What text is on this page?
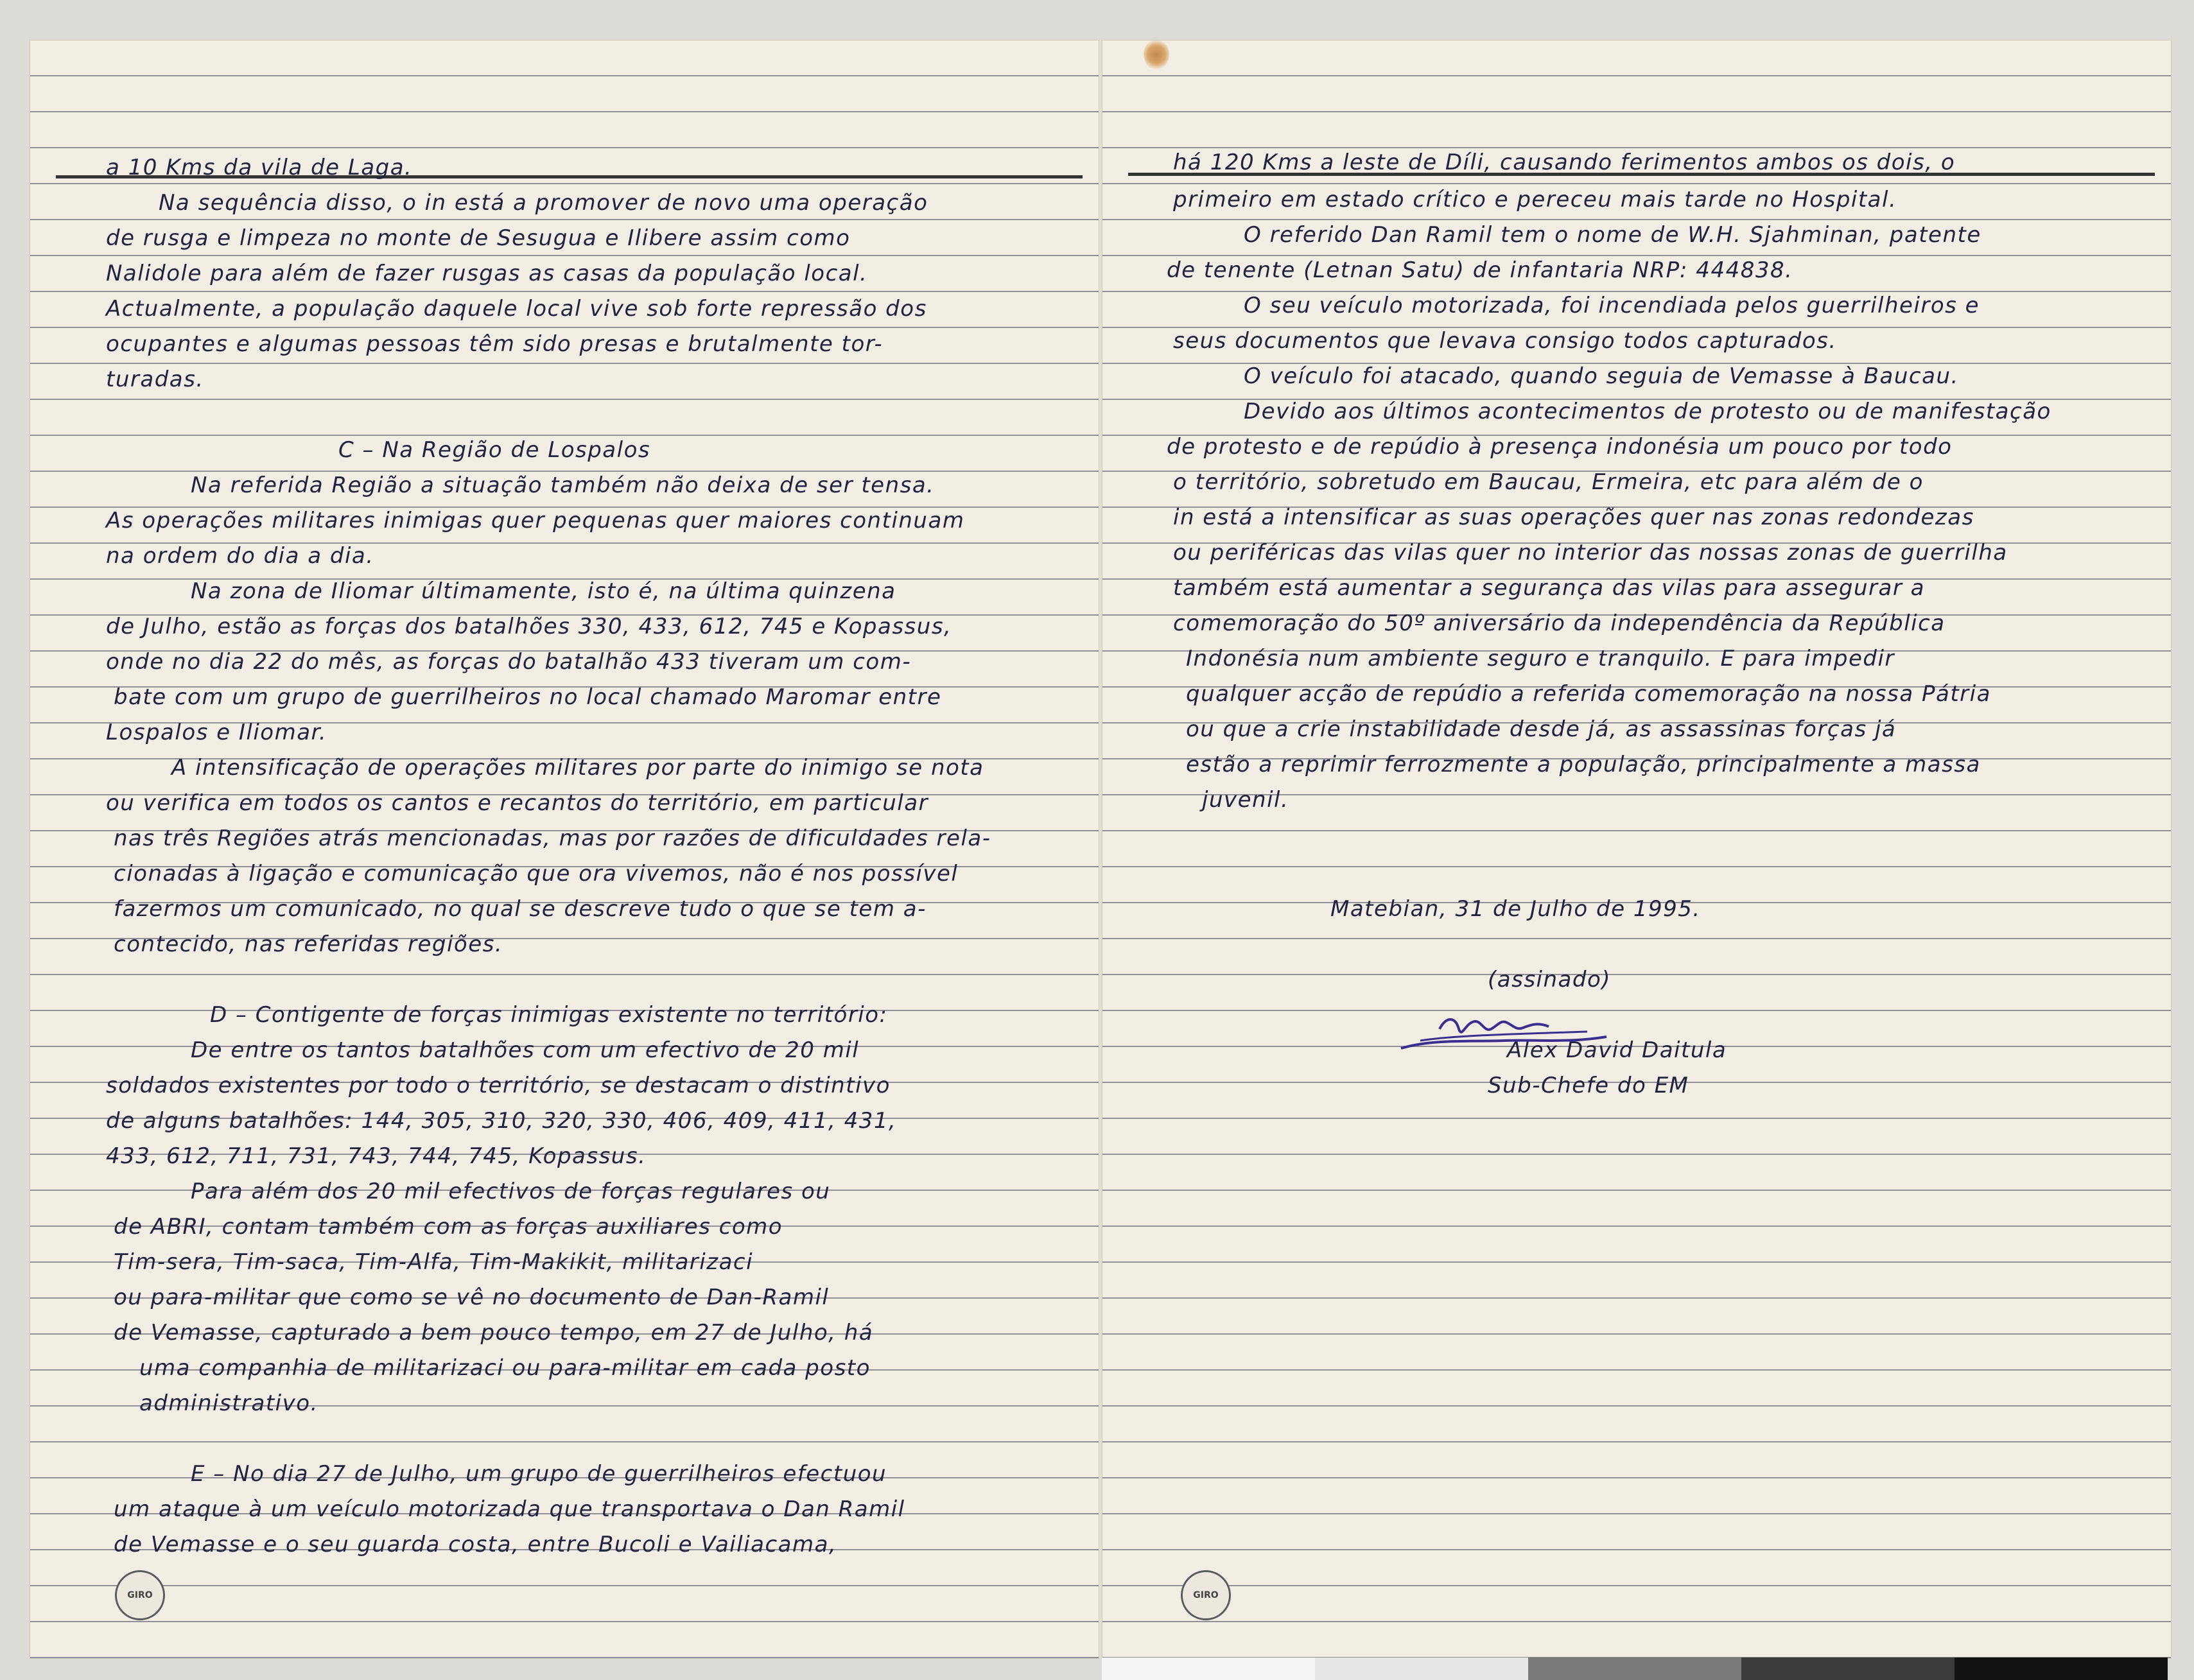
a 10 Kms da vila de Laga.
Na sequência disso, o in está a promover de novo uma operação
de rusga e limpeza no monte de Sesugua e Ilibere assim como
Nalidole para além de fazer rusgas as casas da população local.
Actualmente, a população daquele local vive sob forte repressão dos
ocupantes e algumas pessoas têm sido presas e brutalmente tor-
turadas.
C – Na Região de Lospalos
Na referida Região a situação também não deixa de ser tensa.
As operações militares inimigas quer pequenas quer maiores continuam
na ordem do dia a dia.
Na zona de Iliomar últimamente, isto é, na última quinzena
de Julho, estão as forças dos batalhões 330, 433, 612, 745 e Kopassus,
onde no dia 22 do mês, as forças do batalhão 433 tiveram um com-
bate com um grupo de guerrilheiros no local chamado Maromar entre
Lospalos e Iliomar.
A intensificação de operações militares por parte do inimigo se nota
ou verifica em todos os cantos e recantos do território, em particular
nas três Regiões atrás mencionadas, mas por razões de dificuldades rela-
cionadas à ligação e comunicação que ora vivemos, não é nos possível
fazermos um comunicado, no qual se descreve tudo o que se tem a-
contecido, nas referidas regiões.
D – Contigente de forças inimigas existente no território:
De entre os tantos batalhões com um efectivo de 20 mil
soldados existentes por todo o território, se destacam o distintivo
de alguns batalhões: 144, 305, 310, 320, 330, 406, 409, 411, 431,
433, 612, 711, 731, 743, 744, 745, Kopassus.
Para além dos 20 mil efectivos de forças regulares ou
de ABRI, contam também com as forças auxiliares como
Tim-sera, Tim-saca, Tim-Alfa, Tim-Makikit, militarizaci
ou para-militar que como se vê no documento de Dan-Ramil
de Vemasse, capturado a bem pouco tempo, em 27 de Julho, há
uma companhia de militarizaci ou para-militar em cada posto
administrativo.
E – No dia 27 de Julho, um grupo de guerrilheiros efectuou
um ataque à um veículo motorizada que transportava o Dan Ramil
de Vemasse e o seu guarda costa, entre Bucoli e Vailiacama,
GIRO
há 120 Kms a leste de Díli, causando ferimentos ambos os dois, o
primeiro em estado crítico e pereceu mais tarde no Hospital.
O referido Dan Ramil tem o nome de W.H. Sjahminan, patente
de tenente (Letnan Satu) de infantaria NRP: 444838.
O seu veículo motorizada, foi incendiada pelos guerrilheiros e
seus documentos que levava consigo todos capturados.
O veículo foi atacado, quando seguia de Vemasse à Baucau.
Devido aos últimos acontecimentos de protesto ou de manifestação
de protesto e de repúdio à presença indonésia um pouco por todo
o território, sobretudo em Baucau, Ermeira, etc para além de o
in está a intensificar as suas operações quer nas zonas redondezas
ou periféricas das vilas quer no interior das nossas zonas de guerrilha
também está aumentar a segurança das vilas para assegurar a
comemoração do 50º aniversário da independência da República
Indonésia num ambiente seguro e tranquilo. E para impedir
qualquer acção de repúdio a referida comemoração na nossa Pátria
ou que a crie instabilidade desde já, as assassinas forças já
estão a reprimir ferrozmente a população, principalmente a massa
juvenil.
Matebian, 31 de Julho de 1995.
(assinado)
Alex David Daitula
Sub-Chefe do EM
GIRO
